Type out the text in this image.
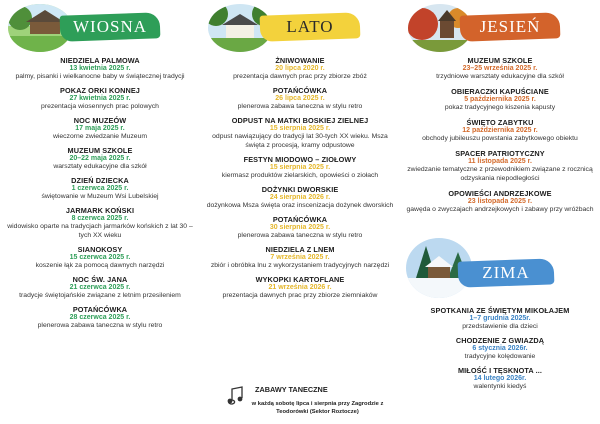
WIOSNA
NIEDZIELA PALMOWA
13 kwietnia 2025 r.
palmy, pisanki i wielkanocne baby w świątecznej tradycji
POKAZ ORKI KONNEJ
27 kwietnia 2025 r.
prezentacja wiosennych prac polowych
NOC MUZEÓW
17 maja 2025 r.
wieczorne zwiedzanie Muzeum
MUZEUM SZKOLE
20–22 maja 2025 r.
warsztaty edukacyjne dla szkół
DZIEŃ DZIECKA
1 czerwca 2025 r.
świętowanie w Muzeum Wsi Lubelskiej
JARMARK KOŃSKI
8 czerwca 2025 r.
widowisko oparte na tradycjach jarmarków końskich z lat 30 – tych XX wieku
SIANOKOSY
15 czerwca 2025 r.
koszenie łąk za pomocą dawnych narzędzi
NOC ŚW. JANA
21 czerwca 2025 r.
tradycje świętojańskie związane z letnim przesileniem
POTAŃCÓWKA
28 czerwca 2025 r.
plenerowa zabawa taneczna w stylu retro
LATO
ŻNIWOWANIE
20 lipca 2020 r.
prezentacja dawnych prac przy zbiorze zbóż
POTAŃCÓWKA
26 lipca 2025 r.
plenerowa zabawa taneczna w stylu retro
ODPUST NA MATKI BOSKIEJ ZIELNEJ
15 sierpnia 2025 r.
odpust nawiązujący do tradycji lat 30-tych XX wieku. Msza święta z procesją, kramy odpustowe
FESTYN MIODOWO – ZIOŁOWY
15 sierpnia 2025 r.
kiermasz produktów zielarskich, opowieści o ziołach
DOŻYNKI DWORSKIE
24 sierpnia 2026 r.
dożynkowa Msza święta oraz inscenizacja dożynek dworskich
POTAŃCÓWKA
30 sierpnia 2025 r.
plenerowa zabawa taneczna w stylu retro
NIEDZIELA Z LNEM
7 września 2025 r.
zbiór i obróbka lnu z wykorzystaniem tradycyjnych narzędzi
WYKOPKI KARTOFLANE
21 września 2026 r.
prezentacja dawnych prac przy zbiorze ziemniaków
ZABAWY TANECZNE
w każdą sobotę lipca i sierpnia przy Zagrodzie z Teodorówki (Sektor Roztocze)
JESIEŃ
MUZEUM SZKOLE
23–25 września 2025 r.
trzydniowe warsztaty edukacyjne dla szkół
OBIERACZKI KAPUŚCIANE
5 października 2025 r.
pokaz tradycyjnego kiszenia kapusty
ŚWIĘTO ZABYTKU
12 października 2025 r.
obchody jubileuszu powstania zabytkowego obiektu
SPACER PATRIOTYCZNY
11 listopada 2025 r.
zwiedzanie tematyczne z przewodnikiem związane z rocznicą odzyskania niepodległości
OPOWIEŚCI ANDRZEJKOWE
23 listopada 2025 r.
gawęda o zwyczajach andrzejkowych i zabawy przy wróżbach
ZIMA
SPOTKANIA ZE ŚWIĘTYM MIKOŁAJEM
1–7 grudnia 2025r.
przedstawienie dla dzieci
CHODZENIE Z GWIAZDĄ
6 stycznia 2026r.
tradycyjne kolędowanie
MIŁOŚĆ I TĘSKNOTA ...
14 lutego 2026r.
walentynki kiedyś
